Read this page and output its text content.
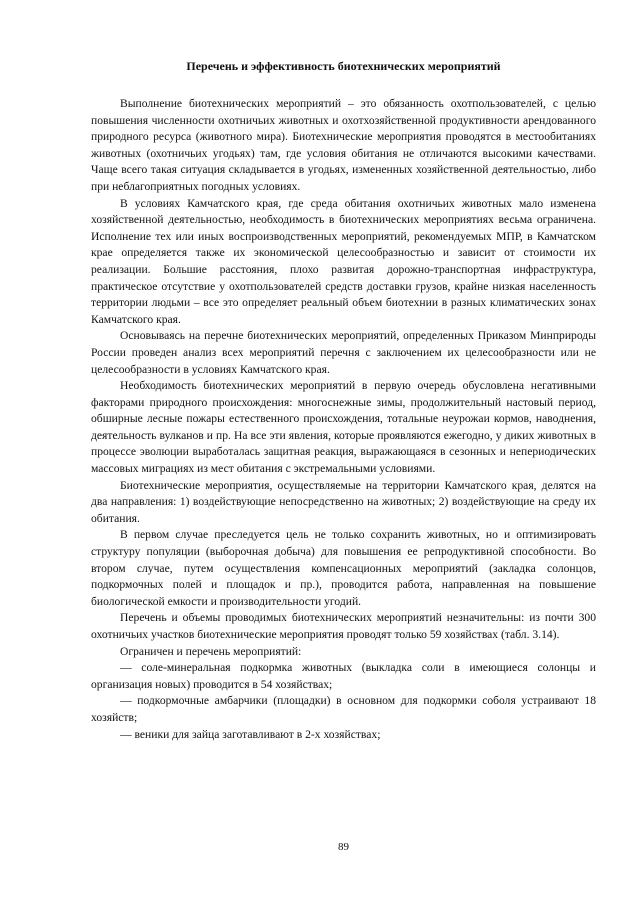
Перечень и эффективность биотехнических мероприятий

Выполнение биотехнических мероприятий – это обязанность охотпользователей, с целью повышения численности охотничьих животных и охотхозяйственной продуктивности арендованного природного ресурса (животного мира). Биотехнические мероприятия проводятся в местообитаниях животных (охотничьих угодьях) там, где условия обитания не отличаются высокими качествами. Чаще всего такая ситуация складывается в угодьях, измененных хозяйственной деятельностью, либо при неблагоприятных погодных условиях.

В условиях Камчатского края, где среда обитания охотничьих животных мало изменена хозяйственной деятельностью, необходимость в биотехнических мероприятиях весьма ограничена. Исполнение тех или иных воспроизводственных мероприятий, рекомендуемых МПР, в Камчатском крае определяется также их экономической целесообразностью и зависит от стоимости их реализации. Большие расстояния, плохо развитая дорожно-транспортная инфраструктура, практическое отсутствие у охотпользователей средств доставки грузов, крайне низкая населенность территории людьми – все это определяет реальный объем биотехнии в разных климатических зонах Камчатского края.

Основываясь на перечне биотехнических мероприятий, определенных Приказом Минприроды России проведен анализ всех мероприятий перечня с заключением их целесообразности или не целесообразности в условиях Камчатского края.

Необходимость биотехнических мероприятий в первую очередь обусловлена негативными факторами природного происхождения: многоснежные зимы, продолжительный настовый период, обширные лесные пожары естественного происхождения, тотальные неурожаи кормов, наводнения, деятельность вулканов и пр. На все эти явления, которые проявляются ежегодно, у диких животных в процессе эволюции выработалась защитная реакция, выражающаяся в сезонных и непериодических массовых миграциях из мест обитания с экстремальными условиями.

Биотехнические мероприятия, осуществляемые на территории Камчатского края, делятся на два направления: 1) воздействующие непосредственно на животных; 2) воздействующие на среду их обитания.

В первом случае преследуется цель не только сохранить животных, но и оптимизировать структуру популяции (выборочная добыча) для повышения ее репродуктивной способности. Во втором случае, путем осуществления компенсационных мероприятий (закладка солонцов, подкормочных полей и площадок и пр.), проводится работа, направленная на повышение биологической емкости и производительности угодий.

Перечень и объемы проводимых биотехнических мероприятий незначительны: из почти 300 охотничьих участков биотехнические мероприятия проводят только 59 хозяйствах (табл. 3.14).

Ограничен и перечень мероприятий:

— соле-минеральная подкормка животных (выкладка соли в имеющиеся солонцы и организация новых) проводится в 54 хозяйствах;

— подкормочные амбарчики (площадки) в основном для подкормки соболя устраивают 18 хозяйств;

— веники для зайца заготавливают в 2-х хозяйствах;

89
